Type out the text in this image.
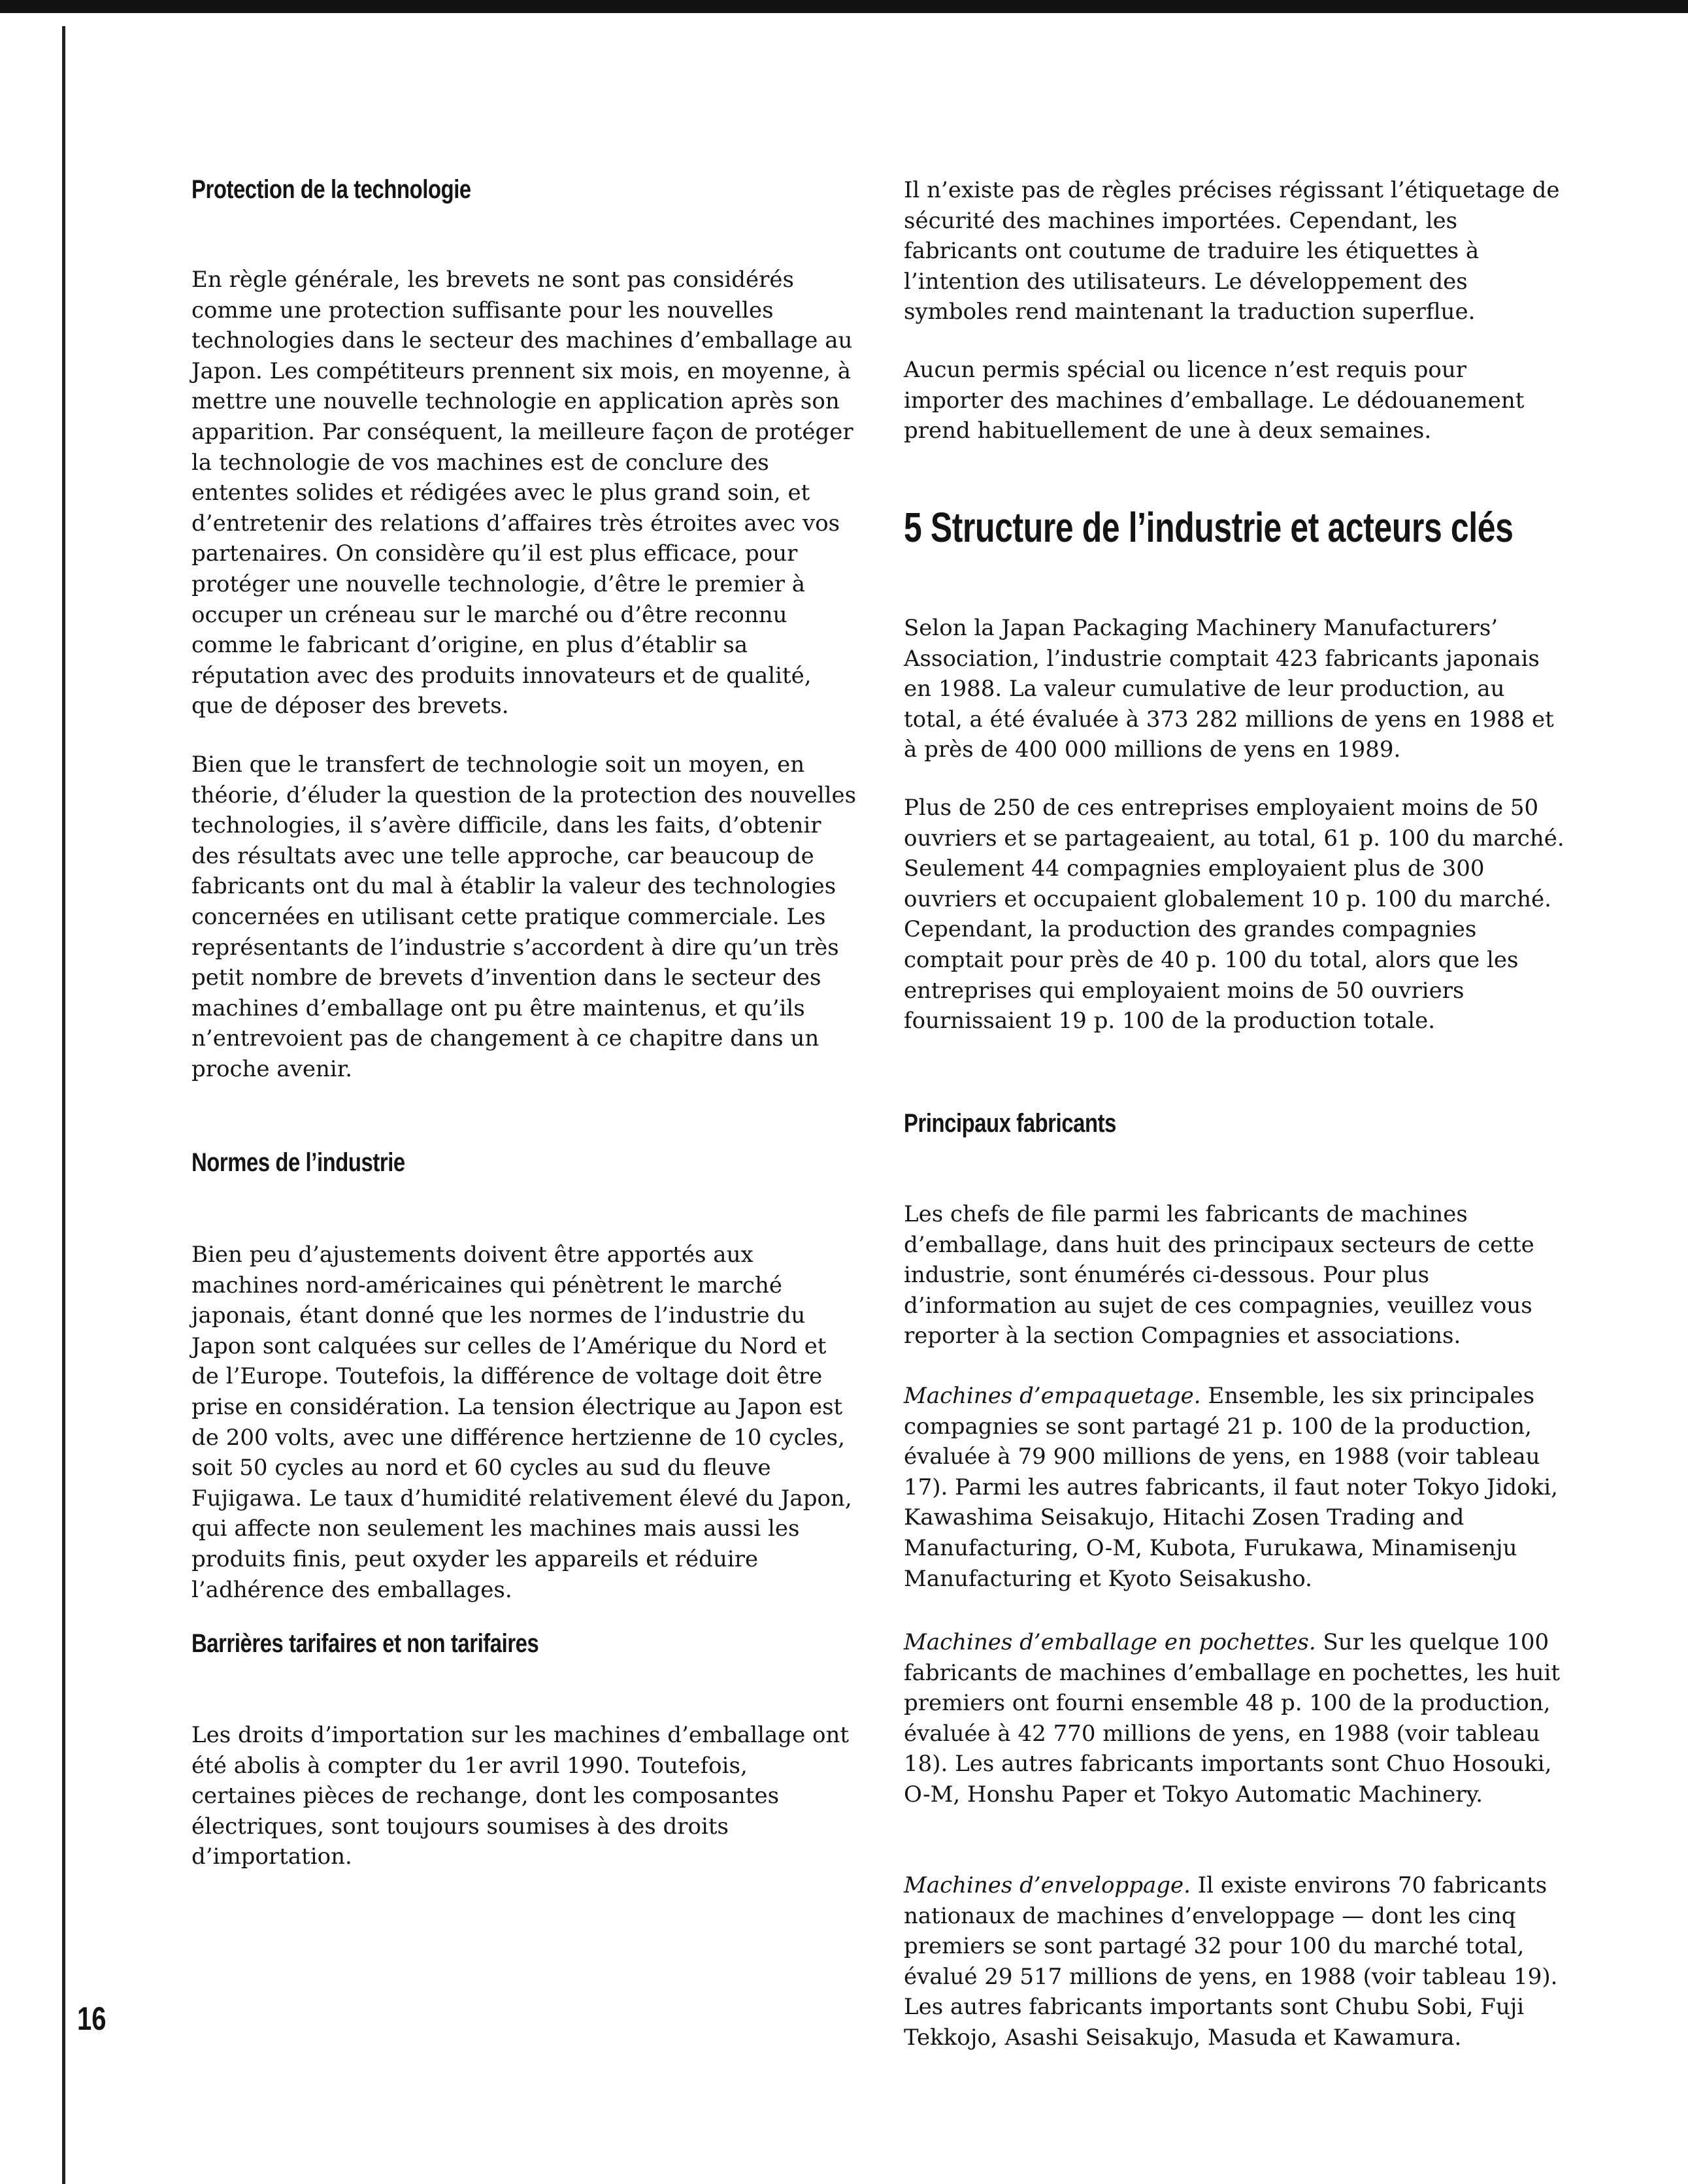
Protection de la technologie

En règle générale, les brevets ne sont pas considérés comme une protection suffisante pour les nouvelles technologies dans le secteur des machines d’emballage au Japon. Les compétiteurs prennent six mois, en moyenne, à mettre une nouvelle technologie en application après son apparition. Par conséquent, la meilleure façon de protéger la technologie de vos machines est de conclure des ententes solides et rédigées avec le plus grand soin, et d’entretenir des relations d’affaires très étroites avec vos partenaires. On considère qu’il est plus efficace, pour protéger une nouvelle technologie, d’être le premier à occuper un créneau sur le marché ou d’être reconnu comme le fabricant d’origine, en plus d’établir sa réputation avec des produits innovateurs et de qualité, que de déposer des brevets.

Bien que le transfert de technologie soit un moyen, en théorie, d’éluder la question de la protection des nouvelles technologies, il s’avère difficile, dans les faits, d’obtenir des résultats avec une telle approche, car beaucoup de fabricants ont du mal à établir la valeur des technologies concernées en utilisant cette pratique commerciale. Les représentants de l’industrie s’accordent à dire qu’un très petit nombre de brevets d’invention dans le secteur des machines d’emballage ont pu être maintenus, et qu’ils n’entrevoient pas de changement à ce chapitre dans un proche avenir.

Normes de l’industrie

Bien peu d’ajustements doivent être apportés aux machines nord-américaines qui pénètrent le marché japonais, étant donné que les normes de l’industrie du Japon sont calquées sur celles de l’Amérique du Nord et de l’Europe. Toutefois, la différence de voltage doit être prise en considération. La tension électrique au Japon est de 200 volts, avec une différence hertzienne de 10 cycles, soit 50 cycles au nord et 60 cycles au sud du fleuve Fujigawa. Le taux d’humidité relativement élevé du Japon, qui affecte non seulement les machines mais aussi les produits finis, peut oxyder les appareils et réduire l’adhérence des emballages.

Barrières tarifaires et non tarifaires

Les droits d’importation sur les machines d’emballage ont été abolis à compter du 1er avril 1990. Toutefois, certaines pièces de rechange, dont les composantes électriques, sont toujours soumises à des droits d’importation.

Il n’existe pas de règles précises régissant l’étiquetage de sécurité des machines importées. Cependant, les fabricants ont coutume de traduire les étiquettes à l’intention des utilisateurs. Le développement des symboles rend maintenant la traduction superflue.

Aucun permis spécial ou licence n’est requis pour importer des machines d’emballage. Le dédouanement prend habituellement de une à deux semaines.

5 Structure de l’industrie et acteurs clés

Selon la Japan Packaging Machinery Manufacturers’ Association, l’industrie comptait 423 fabricants japonais en 1988. La valeur cumulative de leur production, au total, a été évaluée à 373 282 millions de yens en 1988 et à près de 400 000 millions de yens en 1989.

Plus de 250 de ces entreprises employaient moins de 50 ouvriers et se partageaient, au total, 61 p. 100 du marché. Seulement 44 compagnies employaient plus de 300 ouvriers et occupaient globalement 10 p. 100 du marché. Cependant, la production des grandes compagnies comptait pour près de 40 p. 100 du total, alors que les entreprises qui employaient moins de 50 ouvriers fournissaient 19 p. 100 de la production totale.

Principaux fabricants

Les chefs de file parmi les fabricants de machines d’emballage, dans huit des principaux secteurs de cette industrie, sont énumérés ci-dessous. Pour plus d’information au sujet de ces compagnies, veuillez vous reporter à la section Compagnies et associations.

Machines d’empaquetage. Ensemble, les six principales compagnies se sont partagé 21 p. 100 de la production, évaluée à 79 900 millions de yens, en 1988 (voir tableau 17). Parmi les autres fabricants, il faut noter Tokyo Jidoki, Kawashima Seisakujo, Hitachi Zosen Trading and Manufacturing, O-M, Kubota, Furukawa, Minamisenju Manufacturing et Kyoto Seisakusho.

Machines d’emballage en pochettes. Sur les quelque 100 fabricants de machines d’emballage en pochettes, les huit premiers ont fourni ensemble 48 p. 100 de la production, évaluée à 42 770 millions de yens, en 1988 (voir tableau 18). Les autres fabricants importants sont Chuo Hosouki, O-M, Honshu Paper et Tokyo Automatic Machinery.

Machines d’enveloppage. Il existe environs 70 fabricants nationaux de machines d’enveloppage — dont les cinq premiers se sont partagé 32 pour 100 du marché total, évalué 29 517 millions de yens, en 1988 (voir tableau 19). Les autres fabricants importants sont Chubu Sobi, Fuji Tekkojo, Asashi Seisakujo, Masuda et Kawamura.

16
